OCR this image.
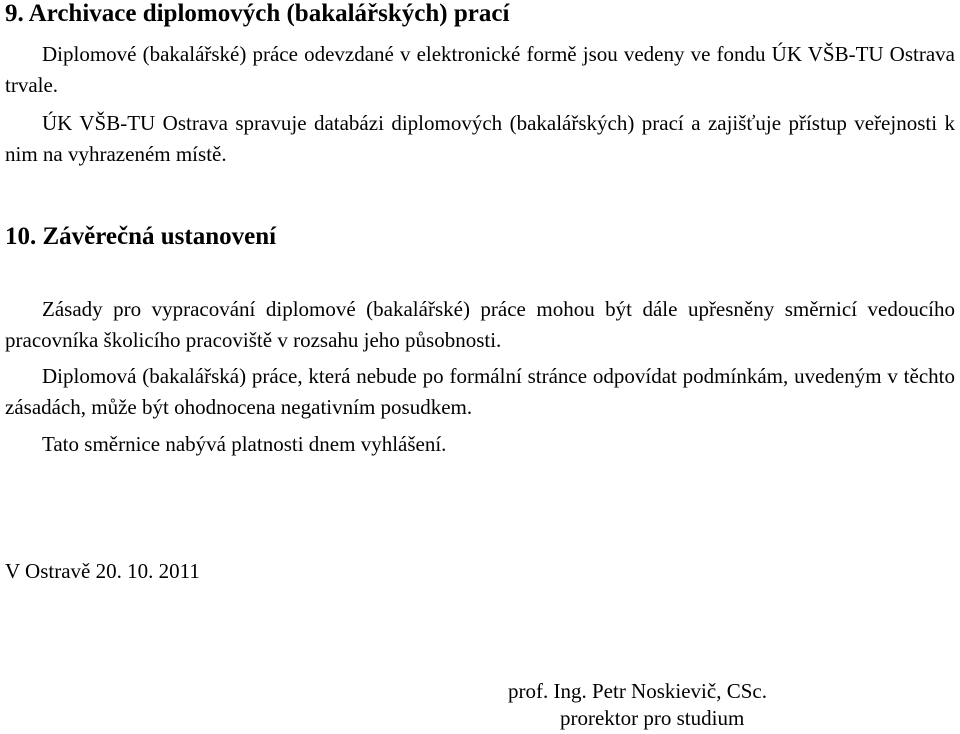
9. Archivace diplomových (bakalářských) prací

Diplomové (bakalářské) práce odevzdané v elektronické formě jsou vedeny ve fondu ÚK VŠB-TU Ostrava trvale.

ÚK VŠB-TU Ostrava spravuje databázi diplomových (bakalářských) prací a zajišťuje přístup veřejnosti k nim na vyhrazeném místě.

10. Závěrečná ustanovení

Zásady pro vypracování diplomové (bakalářské) práce mohou být dále upřesněny směrnicí vedoucího pracovníka školicího pracoviště v rozsahu jeho působnosti.

Diplomová (bakalářská) práce, která nebude po formální stránce odpovídat podmínkám, uvedeným v těchto zásadách, může být ohodnocena negativním posudkem.

Tato směrnice nabývá platnosti dnem vyhlášení.

V Ostravě 20. 10. 2011

prof. Ing. Petr Noskievič, CSc.

prorektor pro studium
